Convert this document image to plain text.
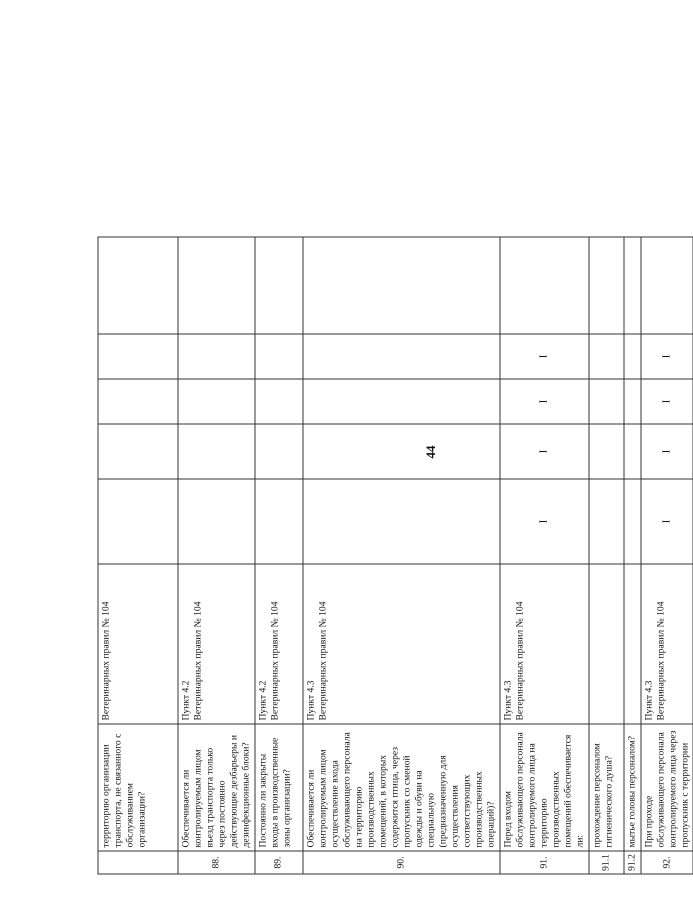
44
	территорию организации транспорта, не связанного с обслуживанием организации?	Ветеринарных правил № 104					

88.	Обеспечивается ли контролируемым лицом въезд транспорта только через постоянно действующие дезбарьеры и дезинфекционные блоки?	Пункт 4.2 Ветеринарных правил № 104					

89.	Постоянно ли закрыты входы в производственные зоны организации?	Пункт 4.2 Ветеринарных правил № 104					

90.	Обеспечивается ли контролируемым лицом осуществление входа обслуживающего персонала на территорию производственных помещений, в которых содержится птица, через пропускник со сменой одежды и обуви на специальную (предназначенную для осуществления соответствующих производственных операций)?	Пункт 4.3 Ветеринарных правил № 104					

91.	Перед входом обслуживающего персонала контролируемого лица на территорию производственных помещений обеспечивается ли:	Пункт 4.3 Ветеринарных правил № 104	I	I	I	I	
91.1	прохождение персоналом гигиенического душа?	

91.2	мытье головы персоналом?	

92.	При проходе обслуживающего персонала контролируемого лица через пропускник с территории	Пункт 4.3 Ветеринарных правил № 104	I	I	I	I	
